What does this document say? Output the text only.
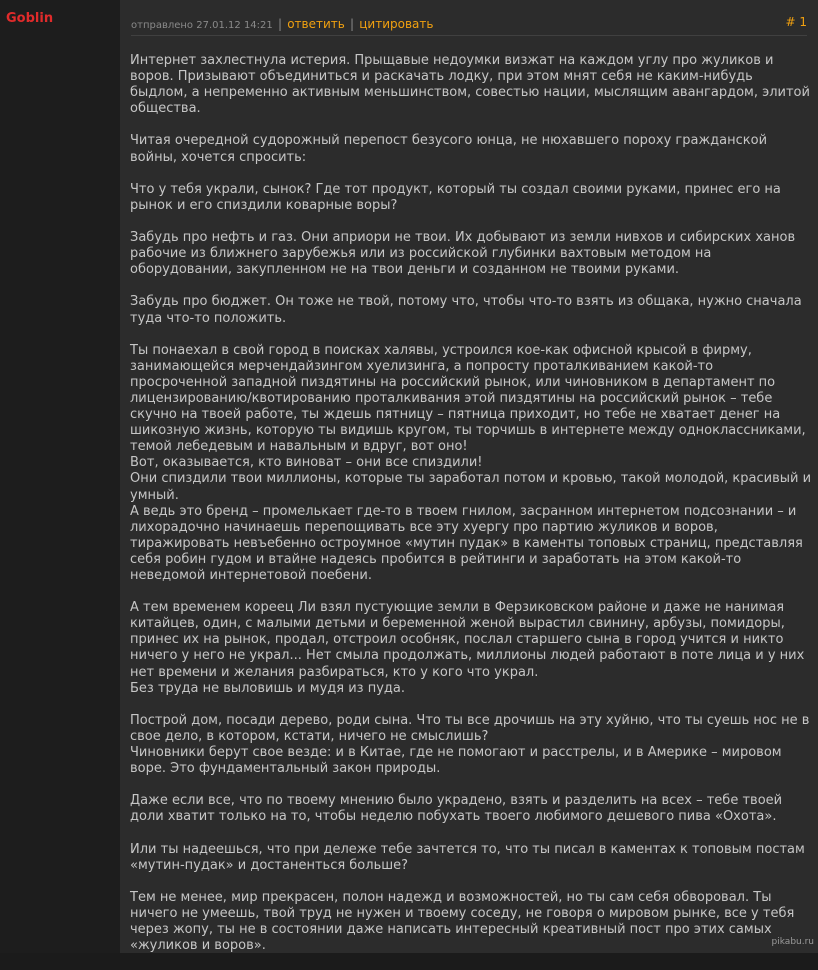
Goblin	отправлено 27.01.12 14:21 | ответить | цитировать	# 1

Интернет захлестнула истерия. Прыщавые недоумки визжат на каждом углу про жуликов и воров. Призывают объединиться и раскачать лодку, при этом мнят себя не каким-нибудь быдлом, а непременно активным меньшинством, совестью нации, мыслящим авангардом, элитой общества.

Читая очередной судорожный перепост безусого юнца, не нюхавшего пороху гражданской войны, хочется спросить:

Что у тебя украли, сынок? Где тот продукт, который ты создал своими руками, принес его на рынок и его спиздили коварные воры?

Забудь про нефть и газ. Они априори не твои. Их добывают из земли нивхов и сибирских ханов рабочие из ближнего зарубежья или из российской глубинки вахтовым методом на оборудовании, закупленном не на твои деньги и созданном не твоими руками.

Забудь про бюджет. Он тоже не твой, потому что, чтобы что-то взять из общака, нужно сначала туда что-то положить.

Ты понаехал в свой город в поисках халявы, устроился кое-как офисной крысой в фирму, занимающейся мерчендайзингом хуелизинга, а попросту проталкиванием какой-то просроченной западной пиздятины на российский рынок, или чиновником в департамент по лицензированию/квотированию проталкивания этой пиздятины на российский рынок – тебе скучно на твоей работе, ты ждешь пятницу – пятница приходит, но тебе не хватает денег на шикозную жизнь, которую ты видишь кругом, ты торчишь в интернете между одноклассниками, темой лебедевым и навальным и вдруг, вот оно!
Вот, оказывается, кто виноват – они все спиздили!
Они спиздили твои миллионы, которые ты заработал потом и кровью, такой молодой, красивый и умный.
А ведь это бренд – промелькает где-то в твоем гнилом, засранном интернетом подсознании – и лихорадочно начинаешь перепощивать все эту хуергу про партию жуликов и воров, тиражировать невъебенно остроумное «мутин пудак» в каменты топовых страниц, представляя себя робин гудом и втайне надеясь пробится в рейтинги и заработать на этом какой-то неведомой интернетовой поебени.

А тем временем кореец Ли взял пустующие земли в Ферзиковском районе и даже не нанимая китайцев, один, с малыми детьми и беременной женой вырастил свинину, арбузы, помидоры, принес их на рынок, продал, отстроил особняк, послал старшего сына в город учится и никто ничего у него не украл... Нет смыла продолжать, миллионы людей работают в поте лица и у них нет времени и желания разбираться, кто у кого что украл.
Без труда не выловишь и мудя из пуда.

Построй дом, посади дерево, роди сына. Что ты все дрочишь на эту хуйню, что ты суешь нос не в свое дело, в котором, кстати, ничего не смыслишь?
Чиновники берут свое везде: и в Китае, где не помогают и расстрелы, и в Америке – мировом воре. Это фундаментальный закон природы.

Даже если все, что по твоему мнению было украдено, взять и разделить на всех – тебе твоей доли хватит только на то, чтобы неделю побухать твоего любимого дешевого пива «Охота».

Или ты надеешься, что при дележе тебе зачтется то, что ты писал в каментах к топовым постам «мутин-пудак» и достаненться больше?

Тем не менее, мир прекрасен, полон надежд и возможностей, но ты сам себя обворовал. Ты ничего не умеешь, твой труд не нужен и твоему соседу, не говоря о мировом рынке, все у тебя через жопу, ты не в состоянии даже написать интересный креативный пост про этих самых «жуликов и воров».	pikabu.ru
